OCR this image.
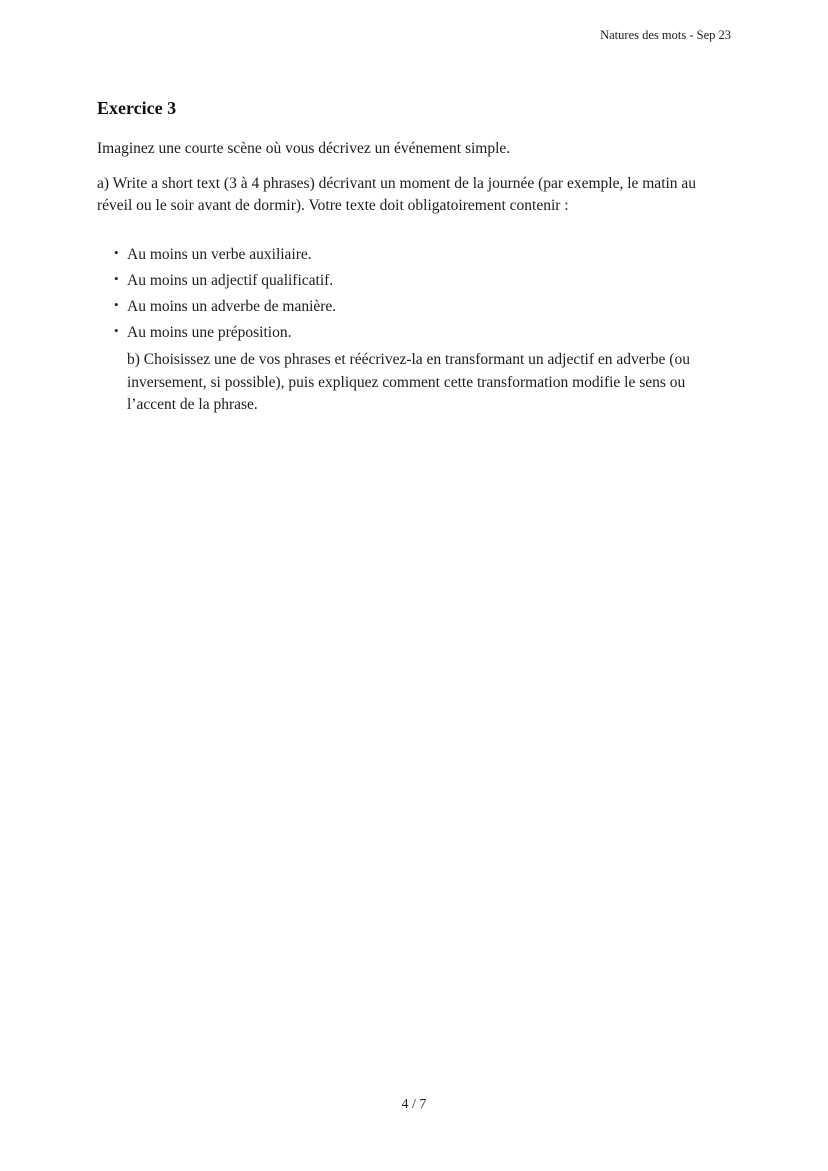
Natures des mots - Sep 23
Exercice 3

Imaginez une courte scène où vous décrivez un événement simple.

a) Write a short text (3 à 4 phrases) décrivant un moment de la journée (par exemple, le matin au réveil ou le soir avant de dormir). Votre texte doit obligatoirement contenir :

• Au moins un verbe auxiliaire.
• Au moins un adjectif qualificatif.
• Au moins un adverbe de manière.
• Au moins une préposition.

b) Choisissez une de vos phrases et réécrivez-la en transformant un adjectif en adverbe (ou inversement, si possible), puis expliquez comment cette transformation modifie le sens ou l’accent de la phrase.

4 / 7
